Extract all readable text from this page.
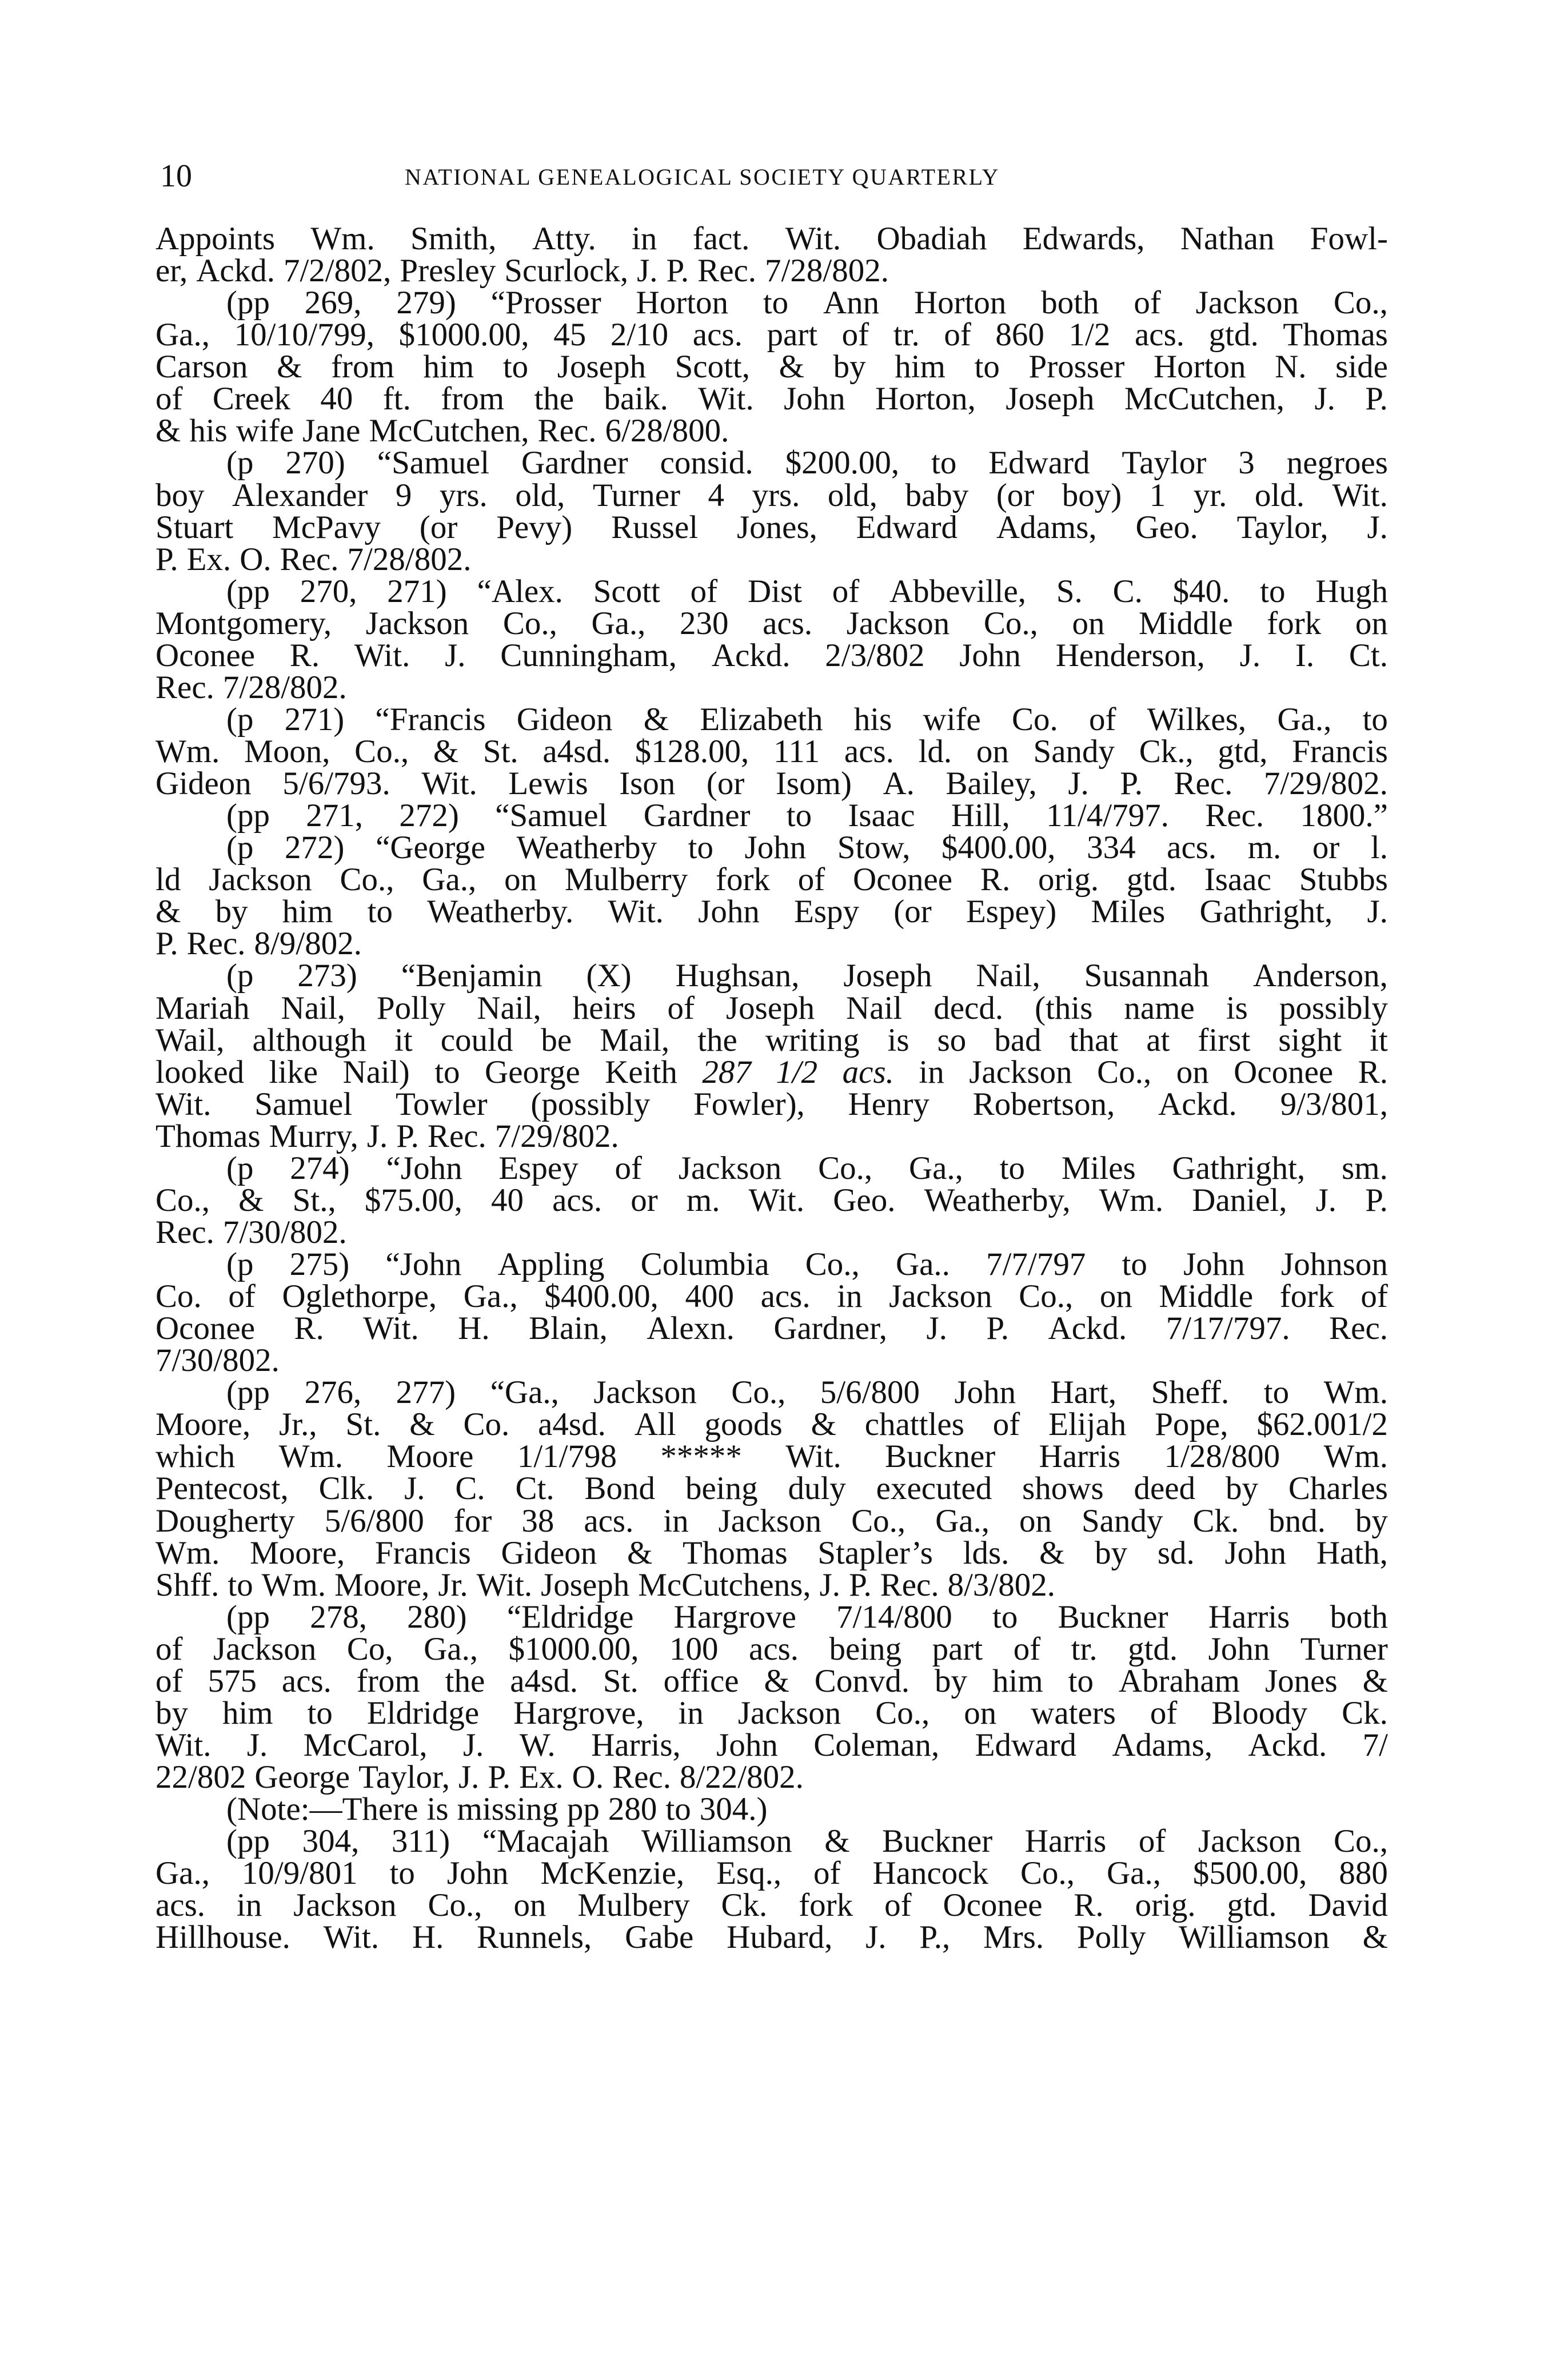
10	NATIONAL GENEALOGICAL SOCIETY QUARTERLY
Appoints Wm. Smith, Atty. in fact. Wit. Obadiah Edwards, Nathan Fowl-
er, Ackd. 7/2/802, Presley Scurlock, J. P. Rec. 7/28/802.
(pp 269, 279) “Prosser Horton to Ann Horton both of Jackson Co.,
Ga., 10/10/799, $1000.00, 45 2/10 acs. part of tr. of 860 1/2 acs. gtd. Thomas
Carson & from him to Joseph Scott, & by him to Prosser Horton N. side
of Creek 40 ft. from the baik. Wit. John Horton, Joseph McCutchen, J. P.
& his wife Jane McCutchen, Rec. 6/28/800.
(p 270) “Samuel Gardner consid. $200.00, to Edward Taylor 3 negroes
boy Alexander 9 yrs. old, Turner 4 yrs. old, baby (or boy) 1 yr. old. Wit.
Stuart McPavy (or Pevy) Russel Jones, Edward Adams, Geo. Taylor, J.
P. Ex. O. Rec. 7/28/802.
(pp 270, 271) “Alex. Scott of Dist of Abbeville, S. C. $40. to Hugh
Montgomery, Jackson Co., Ga., 230 acs. Jackson Co., on Middle fork on
Oconee R. Wit. J. Cunningham, Ackd. 2/3/802 John Henderson, J. I. Ct.
Rec. 7/28/802.
(p 271) “Francis Gideon & Elizabeth his wife Co. of Wilkes, Ga., to
Wm. Moon, Co., & St. a4sd. $128.00, 111 acs. ld. on Sandy Ck., gtd, Francis
Gideon 5/6/793. Wit. Lewis Ison (or Isom) A. Bailey, J. P. Rec. 7/29/802.
(pp 271, 272) “Samuel Gardner to Isaac Hill, 11/4/797. Rec. 1800.”
(p 272) “George Weatherby to John Stow, $400.00, 334 acs. m. or l.
ld Jackson Co., Ga., on Mulberry fork of Oconee R. orig. gtd. Isaac Stubbs
& by him to Weatherby. Wit. John Espy (or Espey) Miles Gathright, J.
P. Rec. 8/9/802.
(p 273) “Benjamin (X) Hughsan, Joseph Nail, Susannah Anderson,
Mariah Nail, Polly Nail, heirs of Joseph Nail decd. (this name is possibly
Wail, although it could be Mail, the writing is so bad that at first sight it
looked like Nail) to George Keith 287 1/2 acs. in Jackson Co., on Oconee R.
Wit. Samuel Towler (possibly Fowler), Henry Robertson, Ackd. 9/3/801,
Thomas Murry, J. P. Rec. 7/29/802.
(p 274) “John Espey of Jackson Co., Ga., to Miles Gathright, sm.
Co., & St., $75.00, 40 acs. or m. Wit. Geo. Weatherby, Wm. Daniel, J. P.
Rec. 7/30/802.
(p 275) “John Appling Columbia Co., Ga.. 7/7/797 to John Johnson
Co. of Oglethorpe, Ga., $400.00, 400 acs. in Jackson Co., on Middle fork of
Oconee R. Wit. H. Blain, Alexn. Gardner, J. P. Ackd. 7/17/797. Rec.
7/30/802.
(pp 276, 277) “Ga., Jackson Co., 5/6/800 John Hart, Sheff. to Wm.
Moore, Jr., St. & Co. a4sd. All goods & chattles of Elijah Pope, $62.001/2
which Wm. Moore 1/1/798 ***** Wit. Buckner Harris 1/28/800 Wm.
Pentecost, Clk. J. C. Ct. Bond being duly executed shows deed by Charles
Dougherty 5/6/800 for 38 acs. in Jackson Co., Ga., on Sandy Ck. bnd. by
Wm. Moore, Francis Gideon & Thomas Stapler’s lds. & by sd. John Hath,
Shff. to Wm. Moore, Jr. Wit. Joseph McCutchens, J. P. Rec. 8/3/802.
(pp 278, 280) “Eldridge Hargrove 7/14/800 to Buckner Harris both
of Jackson Co, Ga., $1000.00, 100 acs. being part of tr. gtd. John Turner
of 575 acs. from the a4sd. St. office & Convd. by him to Abraham Jones &
by him to Eldridge Hargrove, in Jackson Co., on waters of Bloody Ck.
Wit. J. McCarol, J. W. Harris, John Coleman, Edward Adams, Ackd. 7/
22/802 George Taylor, J. P. Ex. O. Rec. 8/22/802.
(Note:—There is missing pp 280 to 304.)
(pp 304, 311) “Macajah Williamson & Buckner Harris of Jackson Co.,
Ga., 10/9/801 to John McKenzie, Esq., of Hancock Co., Ga., $500.00, 880
acs. in Jackson Co., on Mulbery Ck. fork of Oconee R. orig. gtd. David
Hillhouse. Wit. H. Runnels, Gabe Hubard, J. P., Mrs. Polly Williamson &
